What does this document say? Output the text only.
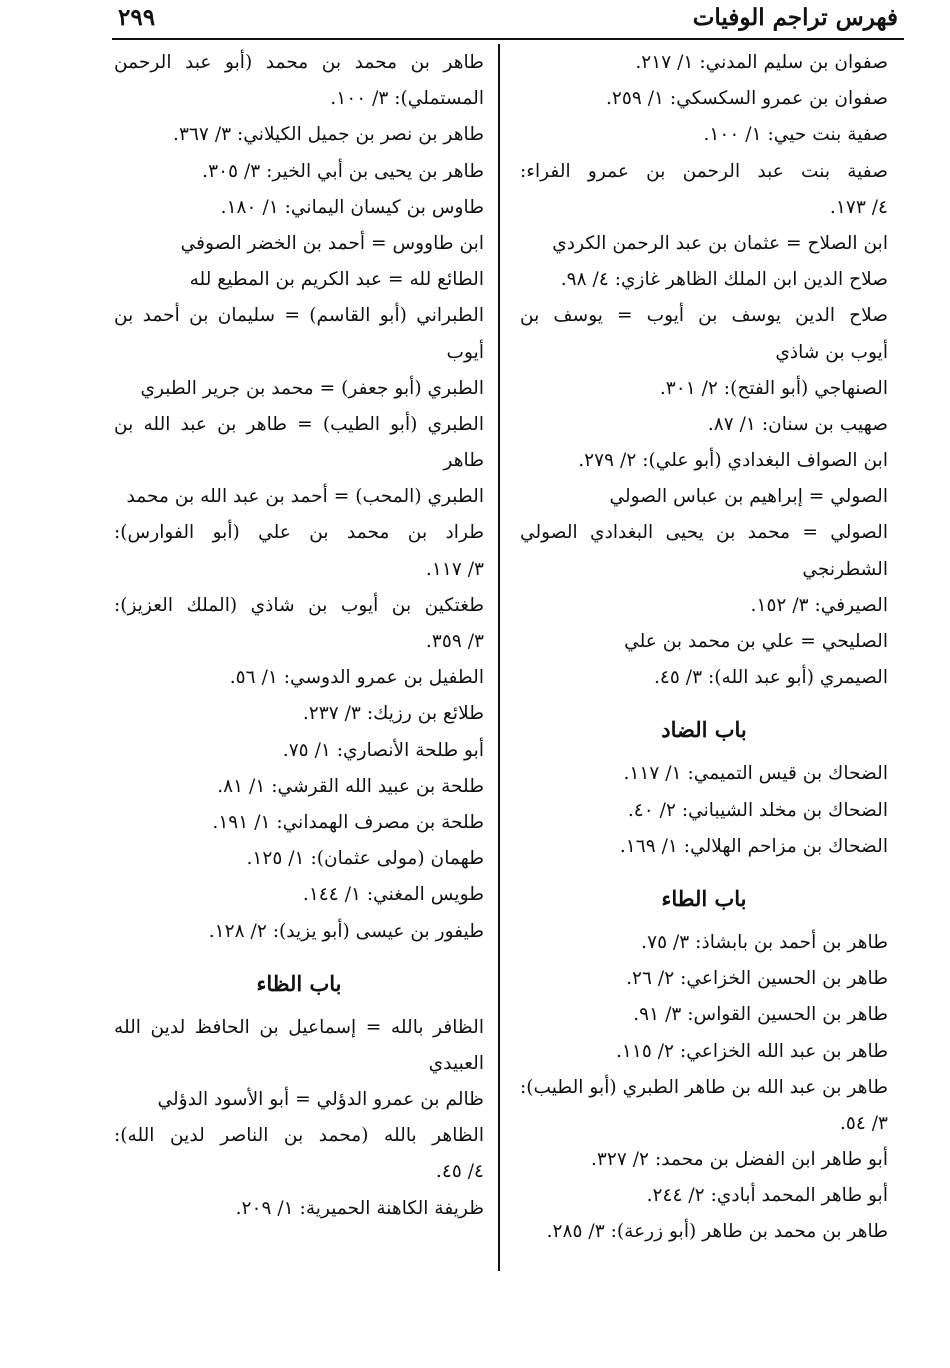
فهرس تراجم الوفيات
٢٩٩
صفوان بن سليم المدني: ١/ ٢١٧.
صفوان بن عمرو السكسكي: ١/ ٢٥٩.
صفية بنت حيي: ١/ ١٠٠.
صفية بنت عبد الرحمن بن عمرو الفراء:
٤/ ١٧٣.
ابن الصلاح = عثمان بن عبد الرحمن الكردي
صلاح الدين ابن الملك الظاهر غازي: ٤/ ٩٨.
صلاح الدين يوسف بن أيوب = يوسف بن
أيوب بن شاذي
الصنهاجي (أبو الفتح): ٢/ ٣٠١.
صهيب بن سنان: ١/ ٨٧.
ابن الصواف البغدادي (أبو علي): ٢/ ٢٧٩.
الصولي = إبراهيم بن عباس الصولي
الصولي = محمد بن يحيى البغدادي الصولي
الشطرنجي
الصيرفي: ٣/ ١٥٢.
الصليحي = علي بن محمد بن علي
الصيمري (أبو عبد الله): ٣/ ٤٥.
باب الضاد
الضحاك بن قيس التميمي: ١/ ١١٧.
الضحاك بن مخلد الشيباني: ٢/ ٤٠.
الضحاك بن مزاحم الهلالي: ١/ ١٦٩.
باب الطاء
طاهر بن أحمد بن بابشاذ: ٣/ ٧٥.
طاهر بن الحسين الخزاعي: ٢/ ٢٦.
طاهر بن الحسين القواس: ٣/ ٩١.
طاهر بن عبد الله الخزاعي: ٢/ ١١٥.
طاهر بن عبد الله بن طاهر الطبري (أبو الطيب):
٣/ ٥٤.
أبو طاهر ابن الفضل بن محمد: ٢/ ٣٢٧.
أبو طاهر المحمد أبادي: ٢/ ٢٤٤.
طاهر بن محمد بن طاهر (أبو زرعة): ٣/ ٢٨٥.
طاهر بن محمد بن محمد (أبو عبد الرحمن
المستملي): ٣/ ١٠٠.
طاهر بن نصر بن جميل الكيلاني: ٣/ ٣٦٧.
طاهر بن يحيى بن أبي الخير: ٣/ ٣٠٥.
طاوس بن كيسان اليماني: ١/ ١٨٠.
ابن طاووس = أحمد بن الخضر الصوفي
الطائع لله = عبد الكريم بن المطيع لله
الطبراني (أبو القاسم) = سليمان بن أحمد بن
أيوب
الطبري (أبو جعفر) = محمد بن جرير الطبري
الطبري (أبو الطيب) = طاهر بن عبد الله بن
طاهر
الطبري (المحب) = أحمد بن عبد الله بن محمد
طراد بن محمد بن علي (أبو الفوارس):
٣/ ١١٧.
طغتكين بن أيوب بن شاذي (الملك العزيز):
٣/ ٣٥٩.
الطفيل بن عمرو الدوسي: ١/ ٥٦.
طلائع بن رزيك: ٣/ ٢٣٧.
أبو طلحة الأنصاري: ١/ ٧٥.
طلحة بن عبيد الله القرشي: ١/ ٨١.
طلحة بن مصرف الهمداني: ١/ ١٩١.
طهمان (مولى عثمان): ١/ ١٢٥.
طويس المغني: ١/ ١٤٤.
طيفور بن عيسى (أبو يزيد): ٢/ ١٢٨.
باب الظاء
الظافر بالله = إسماعيل بن الحافظ لدين الله
العبيدي
ظالم بن عمرو الدؤلي = أبو الأسود الدؤلي
الظاهر بالله (محمد بن الناصر لدين الله):
٤/ ٤٥.
ظريفة الكاهنة الحميرية: ١/ ٢٠٩.
